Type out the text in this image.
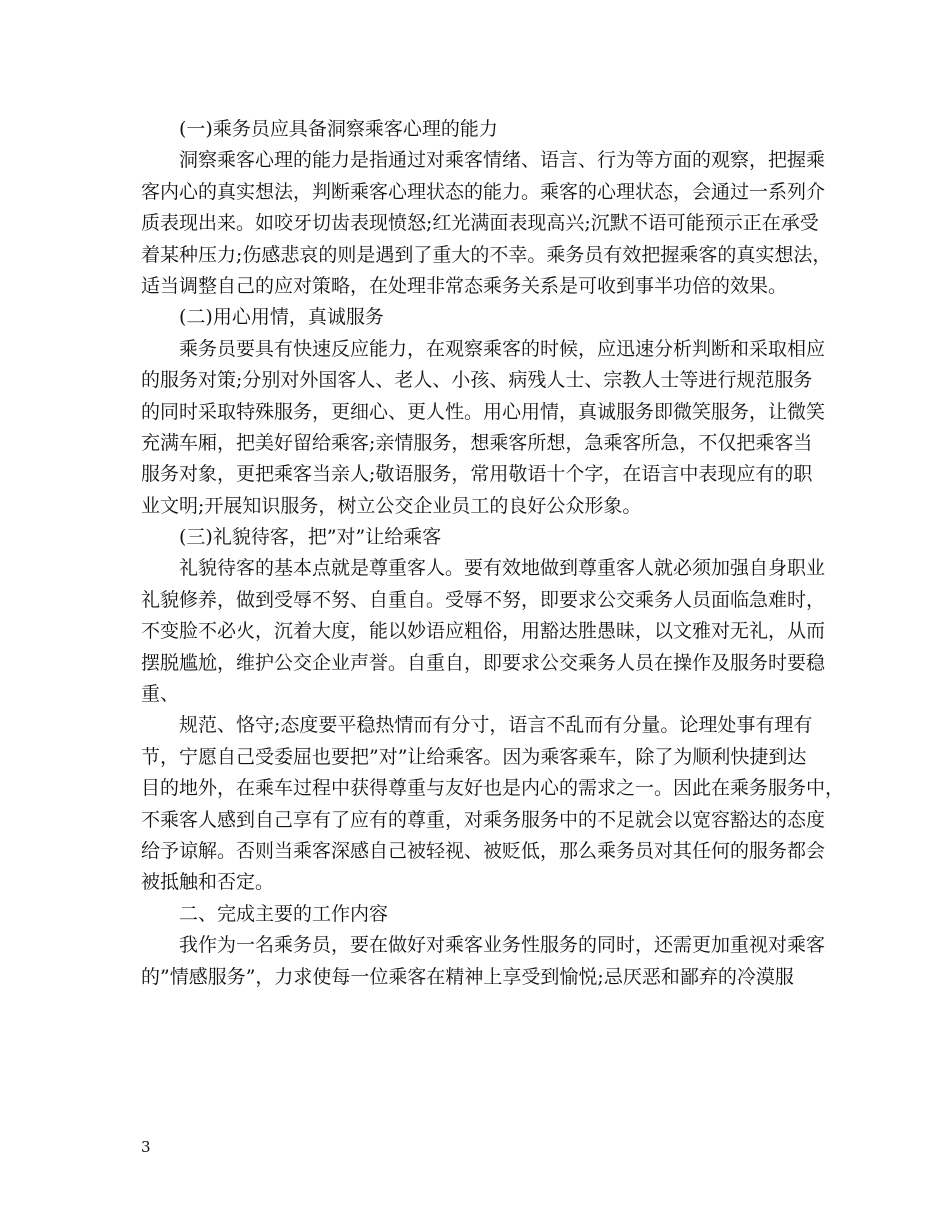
(一)乘务员应具备洞察乘客心理的能力
洞察乘客心理的能力是指通过对乘客情绪、语言、行为等方面的观察，把握乘
客内心的真实想法，判断乘客心理状态的能力。乘客的心理状态，会通过一系列介
质表现出来。如咬牙切齿表现愤怒;红光满面表现高兴;沉默不语可能预示正在承受
着某种压力;伤感悲哀的则是遇到了重大的不幸。乘务员有效把握乘客的真实想法，
适当调整自己的应对策略，在处理非常态乘务关系是可收到事半功倍的效果。
(二)用心用情，真诚服务
乘务员要具有快速反应能力，在观察乘客的时候，应迅速分析判断和采取相应
的服务对策;分别对外国客人、老人、小孩、病残人士、宗教人士等进行规范服务
的同时采取特殊服务，更细心、更人性。用心用情，真诚服务即微笑服务，让微笑
充满车厢，把美好留给乘客;亲情服务，想乘客所想，急乘客所急，不仅把乘客当
服务对象，更把乘客当亲人;敬语服务，常用敬语十个字，在语言中表现应有的职
业文明;开展知识服务，树立公交企业员工的良好公众形象。
(三)礼貌待客，把”对”让给乘客
礼貌待客的基本点就是尊重客人。要有效地做到尊重客人就必须加强自身职业
礼貌修养，做到受辱不努、自重自。受辱不努，即要求公交乘务人员面临急难时，
不变脸不必火，沉着大度，能以妙语应粗俗，用豁达胜愚昧，以文雅对无礼，从而
摆脱尴尬，维护公交企业声誉。自重自，即要求公交乘务人员在操作及服务时要稳
重、
规范、恪守;态度要平稳热情而有分寸，语言不乱而有分量。论理处事有理有
节，宁愿自己受委屈也要把”对”让给乘客。因为乘客乘车，除了为顺利快捷到达
目的地外，在乘车过程中获得尊重与友好也是内心的需求之一。因此在乘务服务中，
不乘客人感到自己享有了应有的尊重，对乘务服务中的不足就会以宽容豁达的态度
给予谅解。否则当乘客深感自己被轻视、被贬低，那么乘务员对其任何的服务都会
被抵触和否定。
二、完成主要的工作内容
我作为一名乘务员，要在做好对乘客业务性服务的同时，还需更加重视对乘客
的”情感服务”，力求使每一位乘客在精神上享受到愉悦;忌厌恶和鄙弃的冷漠服
3
